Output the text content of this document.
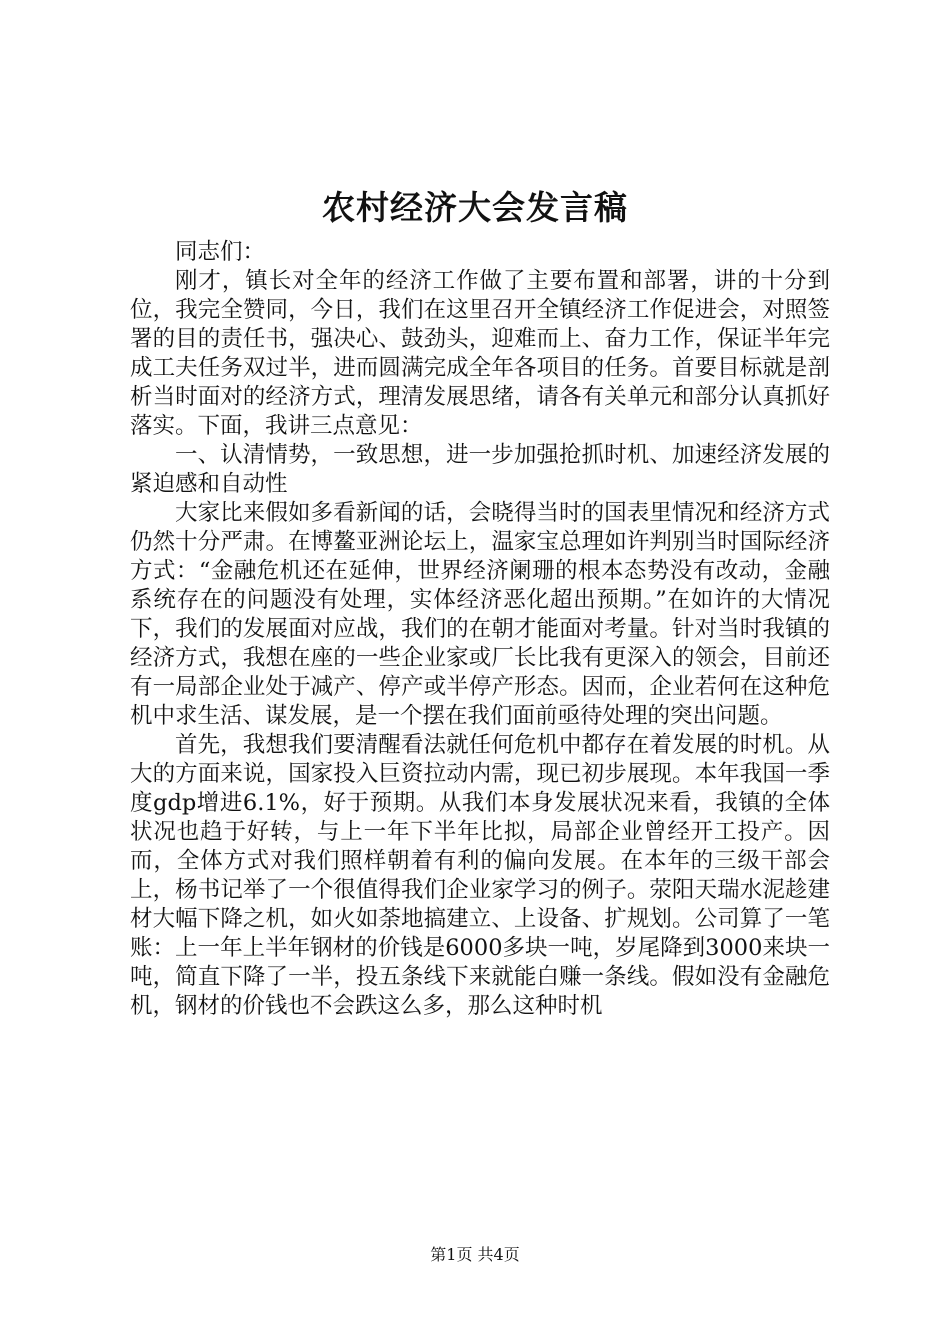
农村经济大会发言稿

同志们：

刚才，镇长对全年的经济工作做了主要布置和部署，讲的十分到位，我完全赞同，今日，我们在这里召开全镇经济工作促进会，对照签署的目的责任书，强决心、鼓劲头，迎难而上、奋力工作，保证半年完成工夫任务双过半，进而圆满完成全年各项目的任务。首要目标就是剖析当时面对的经济方式，理清发展思绪，请各有关单元和部分认真抓好落实。下面，我讲三点意见：

一、认清情势，一致思想，进一步加强抢抓时机、加速经济发展的紧迫感和自动性

大家比来假如多看新闻的话，会晓得当时的国表里情况和经济方式仍然十分严肃。在博鳌亚洲论坛上，温家宝总理如许判别当时国际经济方式：“金融危机还在延伸，世界经济阑珊的根本态势没有改动，金融系统存在的问题没有处理，实体经济恶化超出预期。”在如许的大情况下，我们的发展面对应战，我们的在朝才能面对考量。针对当时我镇的经济方式，我想在座的一些企业家或厂长比我有更深入的领会，目前还有一局部企业处于减产、停产或半停产形态。因而，企业若何在这种危机中求生活、谋发展，是一个摆在我们面前亟待处理的突出问题。

首先，我想我们要清醒看法就任何危机中都存在着发展的时机。从大的方面来说，国家投入巨资拉动内需，现已初步展现。本年我国一季度gdp增进6.1%，好于预期。从我们本身发展状况来看，我镇的全体状况也趋于好转，与上一年下半年比拟，局部企业曾经开工投产。因而，全体方式对我们照样朝着有利的偏向发展。在本年的三级干部会上，杨书记举了一个很值得我们企业家学习的例子。荥阳天瑞水泥趁建材大幅下降之机，如火如荼地搞建立、上设备、扩规划。公司算了一笔账：上一年上半年钢材的价钱是6000多块一吨，岁尾降到3000来块一吨，简直下降了一半，投五条线下来就能白赚一条线。假如没有金融危机，钢材的价钱也不会跌这么多，那么这种时机

第1页 共4页
